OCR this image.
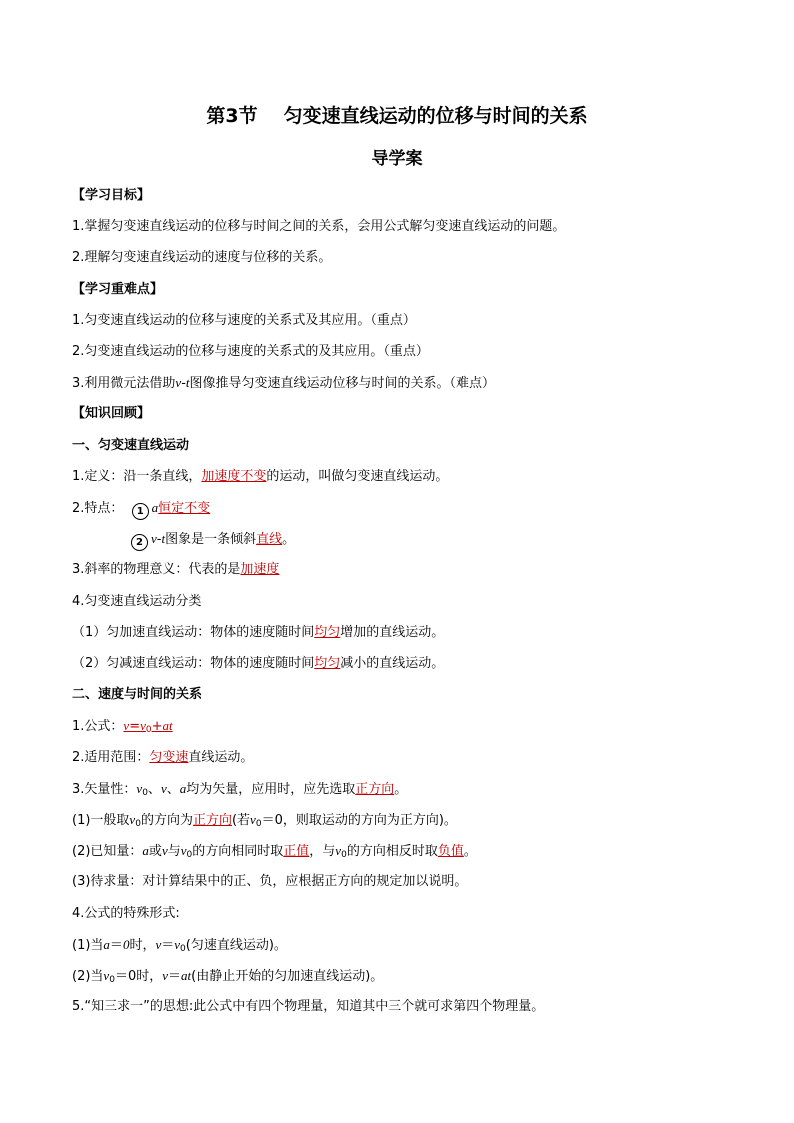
第3节 匀变速直线运动的位移与时间的关系
导学案
【学习目标】
1.掌握匀变速直线运动的位移与时间之间的关系，会用公式解匀变速直线运动的问题。
2.理解匀变速直线运动的速度与位移的关系。
【学习重难点】
1.匀变速直线运动的位移与速度的关系式及其应用。（重点）
2.匀变速直线运动的位移与速度的关系式的及其应用。（重点）
3.利用微元法借助v-t图像推导匀变速直线运动位移与时间的关系。（难点）
【知识回顾】
一、匀变速直线运动
1.定义：沿一条直线，加速度不变的运动，叫做匀变速直线运动。
2.特点： 1 a恒定不变
2 v-t图象是一条倾斜直线。
3.斜率的物理意义：代表的是加速度
4.匀变速直线运动分类
（1）匀加速直线运动：物体的速度随时间均匀增加的直线运动。
（2）匀减速直线运动：物体的速度随时间均匀减小的直线运动。
二、速度与时间的关系
1.公式：$v=v_0+at$
2.适用范围：匀变速直线运动。
3.矢量性：$v_0$、v、a均为矢量，应用时，应先选取正方向。
(1)一般取$v_0$的方向为正方向(若$v_0=0$，则取运动的方向为正方向)。
(2)已知量：a或v与$v_0$的方向相同时取正值，与$v_0$的方向相反时取负值。
(3)待求量：对计算结果中的正、负，应根据正方向的规定加以说明。
4.公式的特殊形式:
(1)当a＝0时，$v=v_0$(匀速直线运动)。
(2)当$v_0=0$时，v＝at(由静止开始的匀加速直线运动)。
5.“知三求一”的思想:此公式中有四个物理量，知道其中三个就可求第四个物理量。
